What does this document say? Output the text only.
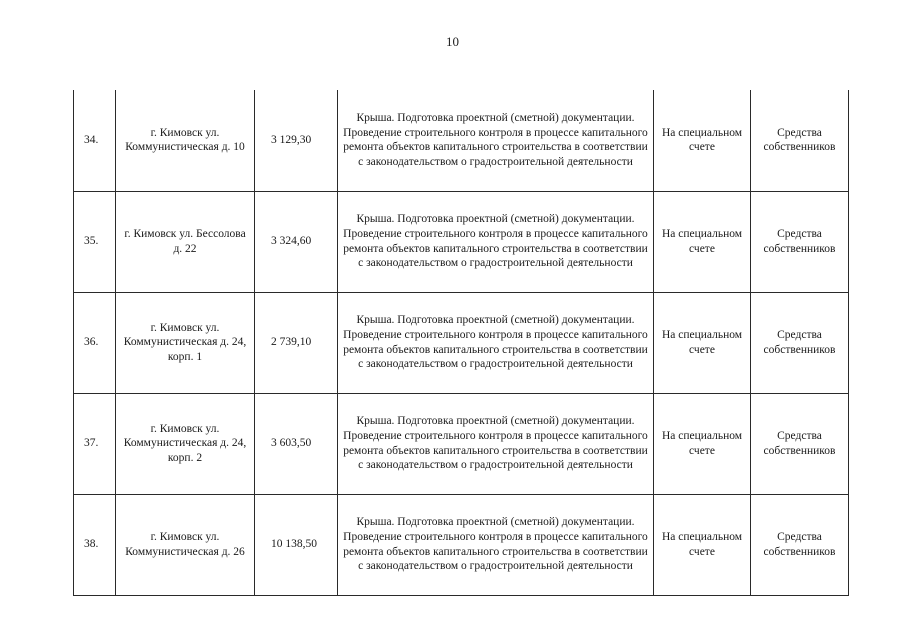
10
34.	г. Кимовск ул. Коммунистическая д. 10	3 129,30	Крыша. Подготовка проектной (сметной) документации. Проведение строительного контроля в процессе капитального ремонта объектов капитального строительства в соответствии с законодательством о градостроительной деятельности	На специальном счете	Средства собственников
35.	г. Кимовск ул. Бессолова д. 22	3 324,60	Крыша. Подготовка проектной (сметной) документации. Проведение строительного контроля в процессе капитального ремонта объектов капитального строительства в соответствии с законодательством о градостроительной деятельности	На специальном счете	Средства собственников
36.	г. Кимовск ул. Коммунистическая д. 24, корп. 1	2 739,10	Крыша. Подготовка проектной (сметной) документации. Проведение строительного контроля в процессе капитального ремонта объектов капитального строительства в соответствии с законодательством о градостроительной деятельности	На специальном счете	Средства собственников
37.	г. Кимовск ул. Коммунистическая д. 24, корп. 2	3 603,50	Крыша. Подготовка проектной (сметной) документации. Проведение строительного контроля в процессе капитального ремонта объектов капитального строительства в соответствии с законодательством о градостроительной деятельности	На специальном счете	Средства собственников
38.	г. Кимовск ул. Коммунистическая д. 26	10 138,50	Крыша. Подготовка проектной (сметной) документации. Проведение строительного контроля в процессе капитального ремонта объектов капитального строительства в соответствии с законодательством о градостроительной деятельности	На специальном счете	Средства собственников
